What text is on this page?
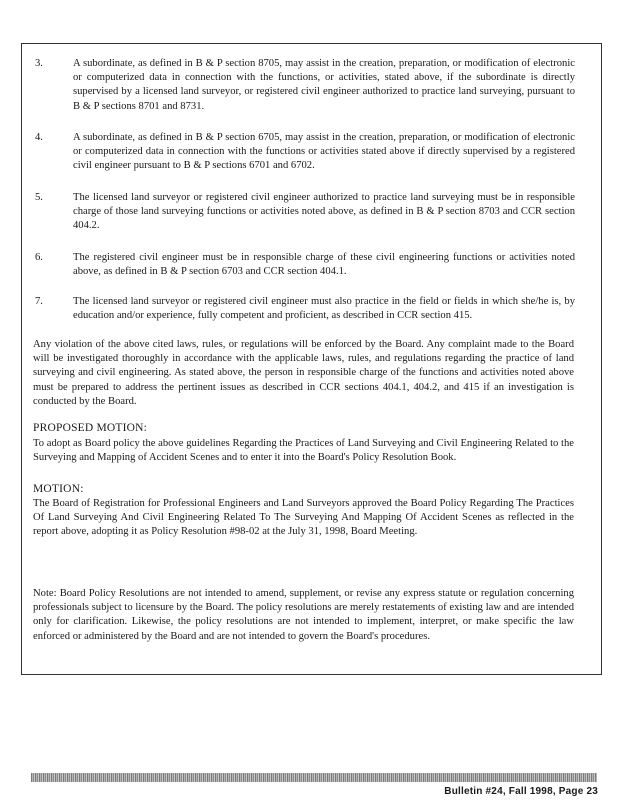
3.	A subordinate, as defined in B & P section 8705, may assist in the creation, preparation, or modification of electronic or computerized data in connection with the functions, or activities, stated above, if the subordinate is directly supervised by a licensed land surveyor, or registered civil engineer authorized to practice land surveying, pursuant to B & P sections 8701 and 8731.
4.	A subordinate, as defined in B & P section 6705, may assist in the creation, preparation, or modification of electronic or computerized data in connection with the functions or activities stated above if directly supervised by a registered civil engineer pursuant to B & P sections 6701 and 6702.
5.	The licensed land surveyor or registered civil engineer authorized to practice land surveying must be in responsible charge of those land surveying functions or activities noted above, as defined in B & P section 8703 and CCR section 404.2.
6.	The registered civil engineer must be in responsible charge of these civil engineering functions or activities noted above, as defined in B & P section 6703 and CCR section 404.1.
7.	The licensed land surveyor or registered civil engineer must also practice in the field or fields in which she/he is, by education and/or experience, fully competent and proficient, as described in CCR section 415.
Any violation of the above cited laws, rules, or regulations will be enforced by the Board. Any complaint made to the Board will be investigated thoroughly in accordance with the applicable laws, rules, and regulations regarding the practice of land surveying and civil engineering. As stated above, the person in responsible charge of the functions and activities noted above must be prepared to address the pertinent issues as described in CCR sections 404.1, 404.2, and 415 if an investigation is conducted by the Board.
PROPOSED MOTION:
To adopt as Board policy the above guidelines Regarding the Practices of Land Surveying and Civil Engineering Related to the Surveying and Mapping of Accident Scenes and to enter it into the Board's Policy Resolution Book.
MOTION:
The Board of Registration for Professional Engineers and Land Surveyors approved the Board Policy Regarding The Practices Of Land Surveying And Civil Engineering Related To The Surveying And Mapping Of Accident Scenes as reflected in the report above, adopting it as Policy Resolution #98-02 at the July 31, 1998, Board Meeting.
Note: Board Policy Resolutions are not intended to amend, supplement, or revise any express statute or regulation concerning professionals subject to licensure by the Board. The policy resolutions are merely restatements of existing law and are intended only for clarification. Likewise, the policy resolutions are not intended to implement, interpret, or make specific the law enforced or administered by the Board and are not intended to govern the Board's procedures.
Bulletin #24, Fall 1998, Page 23
